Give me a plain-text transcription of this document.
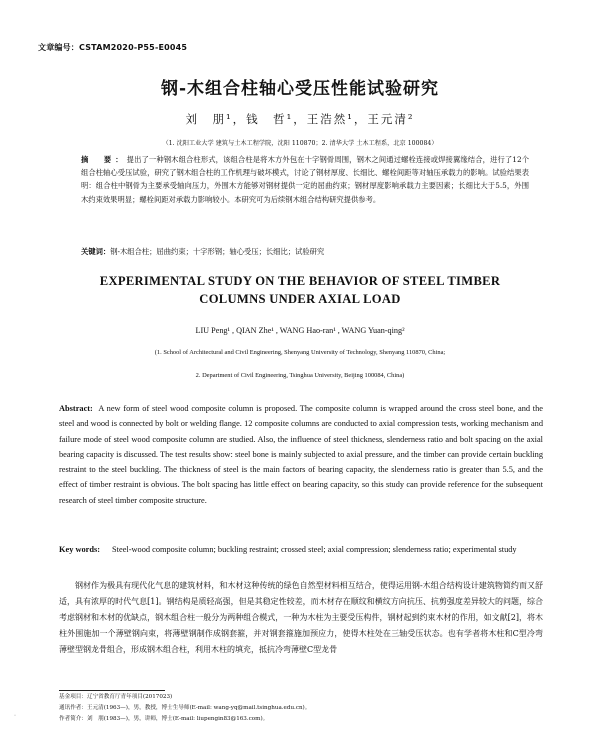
文章编号：CSTAM2020-P55-E0045
钢-木组合柱轴心受压性能试验研究
刘　朋¹，钱　哲¹，王浩然¹，王元清²
（1. 沈阳工业大学 建筑与土木工程学院，沈阳 110870；2. 清华大学 土木工程系，北京 100084）
摘　要：提出了一种钢木组合柱形式，该组合柱是将木方外包在十字钢骨周围，钢木之间通过螺栓连接或焊接翼缘结合，进行了12个组合柱轴心受压试验，研究了钢木组合柱的工作机理与破坏模式，讨论了钢材厚度、长细比、螺栓间距等对轴压承载力的影响。试验结果表明：组合柱中钢骨为主要承受轴向压力，外围木方能够对钢材提供一定的屈曲约束；钢材厚度影响承载力主要因素；长细比大于5.5，外围木约束效果明显；螺栓间距对承载力影响较小。本研究可为后续钢木组合结构研究提供参考。
关键词：钢-木组合柱；屈曲约束；十字形钢；轴心受压；长细比；试验研究
EXPERIMENTAL STUDY ON THE BEHAVIOR OF STEEL TIMBER
COLUMNS UNDER AXIAL LOAD
LIU Peng¹ , QIAN Zhe¹ , WANG Hao-ran¹ , WANG Yuan-qing²
(1. School of Architectural and Civil Engineering, Shenyang University of Technology, Shenyang 110870, China;
2. Department of Civil Engineering, Tsinghua University, Beijing 100084, China)
Abstract: A new form of steel wood composite column is proposed. The composite column is wrapped around the cross steel bone, and the steel and wood is connected by bolt or welding flange. 12 composite columns are conducted to axial compression tests, working mechanism and failure mode of steel wood composite column are studied. Also, the influence of steel thickness, slenderness ratio and bolt spacing on the axial bearing capacity is discussed. The test results show: steel bone is mainly subjected to axial pressure, and the timber can provide certain buckling restraint to the steel buckling. The thickness of steel is the main factors of bearing capacity, the slenderness ratio is greater than 5.5, and the effect of timber restraint is obvious. The bolt spacing has little effect on bearing capacity, so this study can provide reference for the subsequent research of steel timber composite structure.
Key words: Steel-wood composite column; buckling restraint; crossed steel; axial compression; slenderness ratio; experimental study
钢材作为极具有现代化气息的建筑材料，和木材这种传统的绿色自然型材料相互结合，使得运用钢-木组合结构设计建筑物简约而又舒适，具有浓厚的时代气息[1]。钢结构是质轻高强，但是其稳定性较差，而木材存在顺纹和横纹方向抗压、抗剪强度差异较大的问题，综合考虑钢材和木材的优缺点，钢木组合柱一般分为两种组合模式，一种为木柱为主要受压构件，钢材起到约束木材的作用，如文献[2]，将木柱外围施加一个薄壁钢向束，将薄壁钢制作成钢套箍，并对钢套箍施加预应力，使得木柱处在三轴受压状态。也有学者将木柱和C型冷弯薄壁型钢龙骨组合，形成钢木组合柱，利用木柱的填充，抵抗冷弯薄壁C型龙骨
基金项目：辽宁省教育厅青年项目(2017023)
通讯作者：王元清(1963—)，男，教授，博士生导师(E-mail: wang-yq@mail.tsinghua.edu.cn)。
作者简介：刘　朋(1983—)，男，讲师，博士(E-mail: liupengin83@163.com)。
·
